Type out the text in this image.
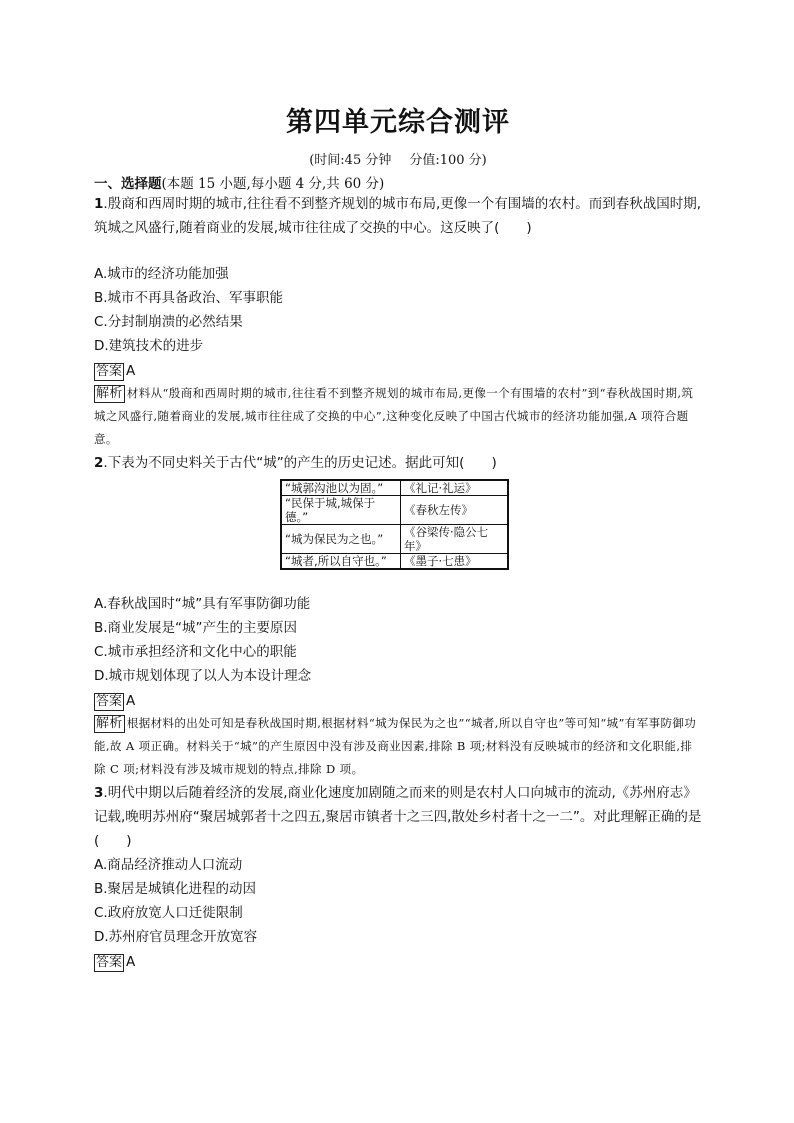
第四单元综合测评
(时间:45 分钟 分值:100 分)
一、选择题(本题 15 小题,每小题 4 分,共 60 分)
1.殷商和西周时期的城市,往往看不到整齐规划的城市布局,更像一个有围墙的农村。而到春秋战国时期,筑城之风盛行,随着商业的发展,城市往往成了交换的中心。这反映了(　　)
A.城市的经济功能加强
B.城市不再具备政治、军事职能
C.分封制崩溃的必然结果
D.建筑技术的进步
答案 A
解析 材料从“殷商和西周时期的城市,往往看不到整齐规划的城市布局,更像一个有围墙的农村”到“春秋战国时期,筑城之风盛行,随着商业的发展,城市往往成了交换的中心”,这种变化反映了中国古代城市的经济功能加强,A 项符合题意。
2.下表为不同史料关于古代“城”的产生的历史记述。据此可知(　　)
“城郭沟池以为固。”	《礼记·礼运》
“民保于城,城保于德。”	《春秋左传》
“城为保民为之也。”	《谷梁传·隐公七年》
“城者,所以自守也。”	《墨子·七患》
A.春秋战国时“城”具有军事防御功能
B.商业发展是“城”产生的主要原因
C.城市承担经济和文化中心的职能
D.城市规划体现了以人为本设计理念
答案 A
解析 根据材料的出处可知是春秋战国时期,根据材料“城为保民为之也”“城者,所以自守也”等可知“城”有军事防御功能,故 A 项正确。材料关于“城”的产生原因中没有涉及商业因素,排除 B 项;材料没有反映城市的经济和文化职能,排除 C 项;材料没有涉及城市规划的特点,排除 D 项。
3.明代中期以后随着经济的发展,商业化速度加剧随之而来的则是农村人口向城市的流动,《苏州府志》记载,晚明苏州府“聚居城郭者十之四五,聚居市镇者十之三四,散处乡村者十之一二”。对此理解正确的是(　　)
A.商品经济推动人口流动
B.聚居是城镇化进程的动因
C.政府放宽人口迁徙限制
D.苏州府官员理念开放宽容
答案 A
